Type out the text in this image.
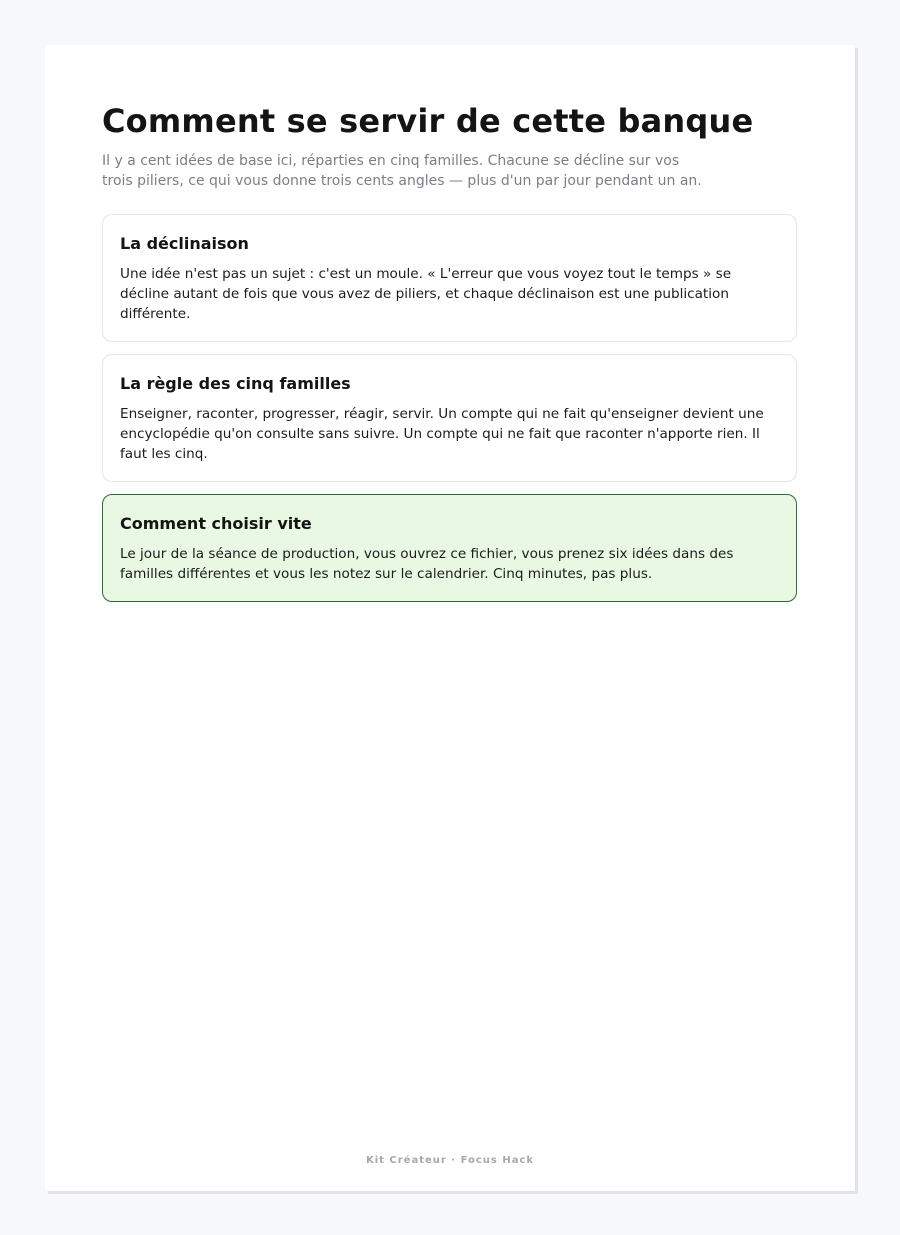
Comment se servir de cette banque

Il y a cent idées de base ici, réparties en cinq familles. Chacune se décline sur vos trois piliers, ce qui vous donne trois cents angles — plus d'un par jour pendant un an.

La déclinaison

Une idée n'est pas un sujet : c'est un moule. « L'erreur que vous voyez tout le temps » se décline autant de fois que vous avez de piliers, et chaque déclinaison est une publication différente.

La règle des cinq familles

Enseigner, raconter, progresser, réagir, servir. Un compte qui ne fait qu'enseigner devient une encyclopédie qu'on consulte sans suivre. Un compte qui ne fait que raconter n'apporte rien. Il faut les cinq.

Comment choisir vite

Le jour de la séance de production, vous ouvrez ce fichier, vous prenez six idées dans des familles différentes et vous les notez sur le calendrier. Cinq minutes, pas plus.

Kit Créateur · Focus Hack
